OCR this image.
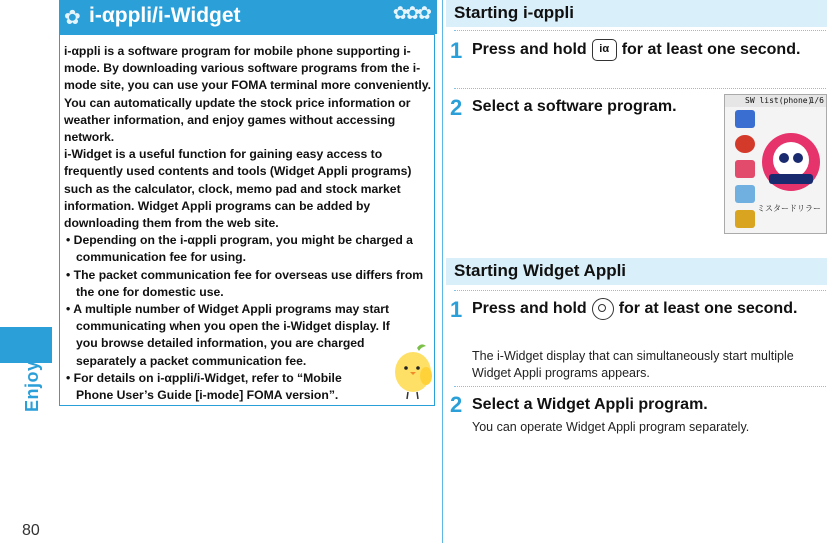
Enjoy
80
✿ i-αppli/i-Widget	✿✿✿

i-αppli is a software program for mobile phone supporting i-mode. By downloading various software programs from the i-mode site, you can use your FOMA terminal more conveniently. You can automatically update the stock price information or weather information, and enjoy games without accessing network.

i-Widget is a useful function for gaining easy access to frequently used contents and tools (Widget Appli programs) such as the calculator, clock, memo pad and stock market information. Widget Appli programs can be added by downloading them from the web site.

• Depending on the i-αppli program, you might be charged a communication fee for using.

• The packet communication fee for overseas use differs from the one for domestic use.

• A multiple number of Widget Appli programs may start communicating when you open the i-Widget display. If you browse detailed information, you are charged separately a packet communication fee.

• For details on i-αppli/i-Widget, refer to “Mobile Phone User’s Guide [i-mode] FOMA version”.

Starting i-αppli
1 Press and hold iα for at least one second.
2 Select a software program.	SW list(phone)
1/6
ミスタードリラー
Starting Widget Appli
1 Press and hold for at least one second.
The i-Widget display that can simultaneously start multiple Widget Appli programs appears.
2 Select a Widget Appli program.
You can operate Widget Appli program separately.
